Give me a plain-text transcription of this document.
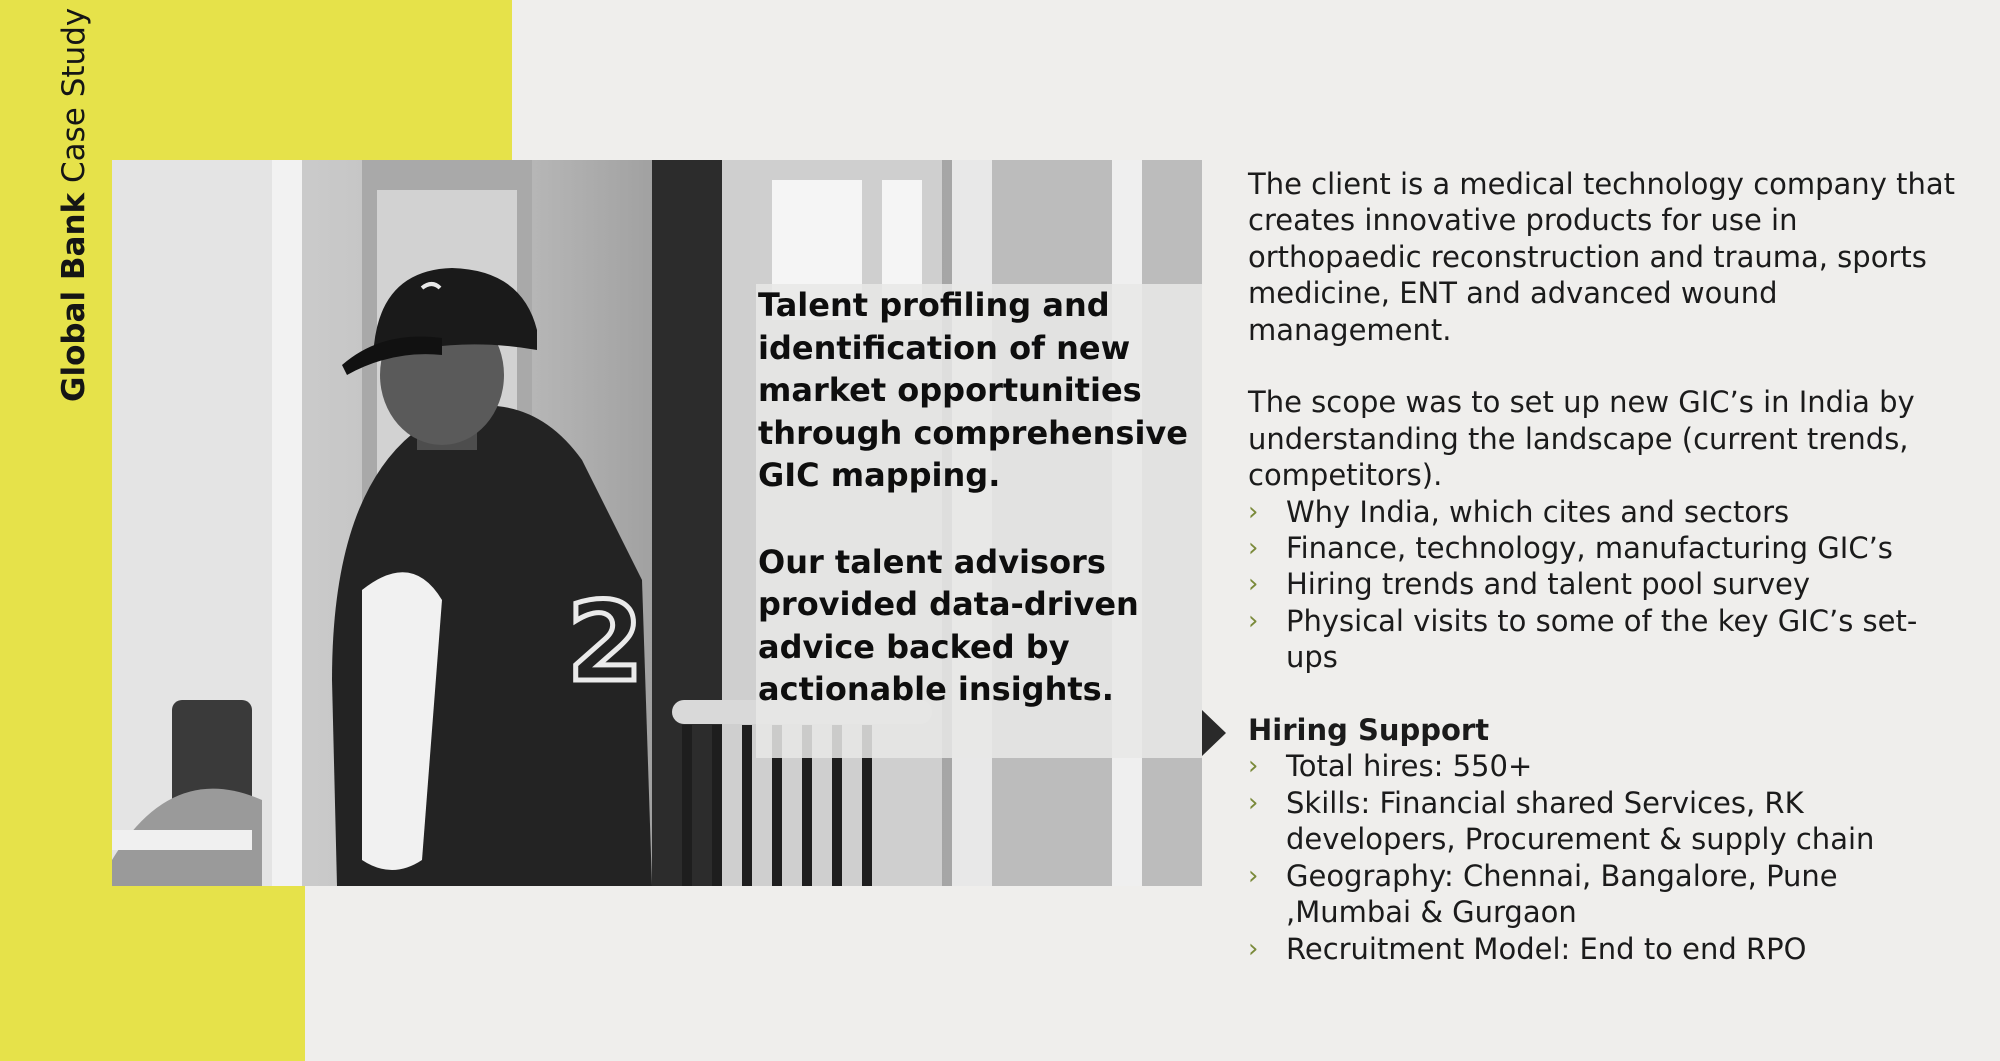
Global Bank Case Study
2

Talent profiling and identification of new market opportunities through comprehensive GIC mapping.

Our talent advisors provided data-driven advice backed by actionable insights.

The client is a medical technology company that creates innovative products for use in orthopaedic reconstruction and trauma, sports medicine, ENT and advanced wound management.

The scope was to set up new GIC’s in India by understanding the landscape (current trends, competitors).

› Why India, which cites and sectors
› Finance, technology, manufacturing GIC’s
› Hiring trends and talent pool survey
› Physical visits to some of the key GIC’s set-ups

Hiring Support

› Total hires: 550+
› Skills: Financial shared Services, RK developers, Procurement & supply chain
› Geography: Chennai, Bangalore, Pune ,Mumbai & Gurgaon
› Recruitment Model: End to end RPO
